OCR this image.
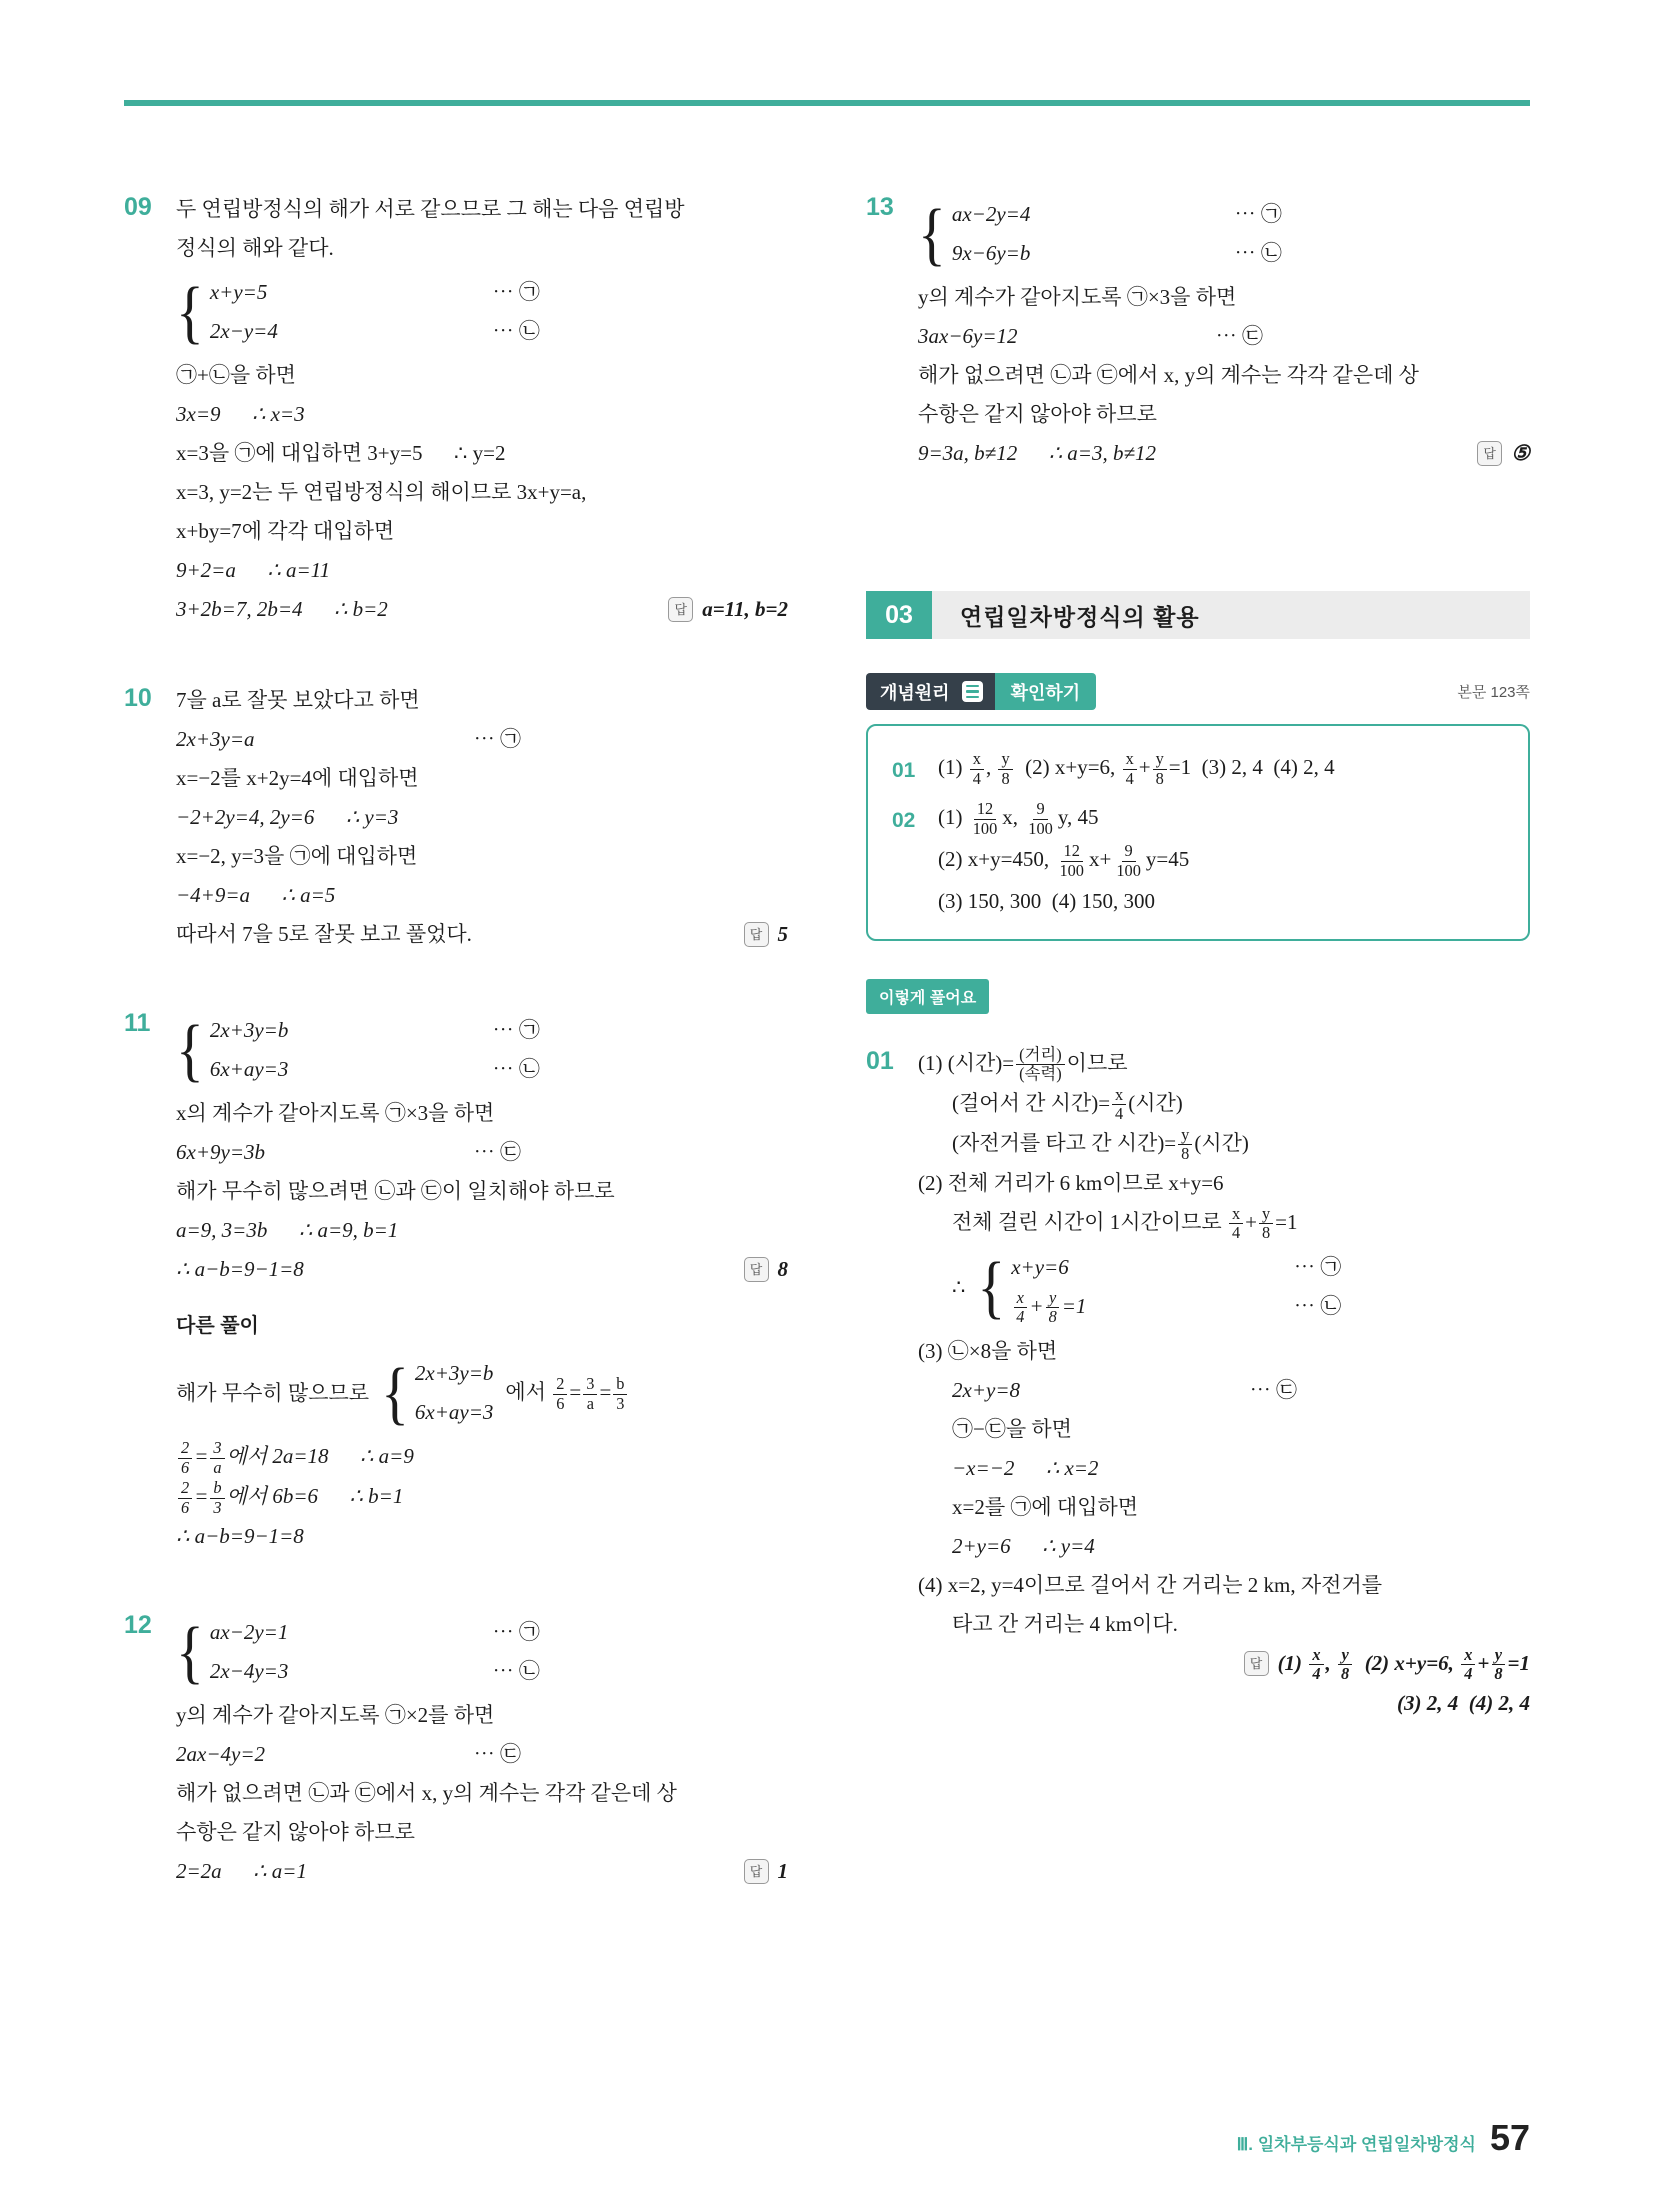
09	두 연립방정식의 해가 서로 같으므로 그 해는 다음 연립방
정식의 해와 같다.
{ x+y=5	⋯ ㉠
2x−y=4	⋯ ㉡
㉠+㉡을 하면
3x=9      ∴ x=3
x=3을 ㉠에 대입하면 3+y=5      ∴ y=2
x=3, y=2는 두 연립방정식의 해이므로 3x+y=a,
x+by=7에 각각 대입하면
9+2=a      ∴ a=11
3+2b=7, 2b=4      ∴ b=2	답 a=11, b=2
10	7을 a로 잘못 보았다고 하면
2x+3y=a	⋯ ㉠
x=−2를 x+2y=4에 대입하면
−2+2y=4, 2y=6      ∴ y=3
x=−2, y=3을 ㉠에 대입하면
−4+9=a      ∴ a=5
따라서 7을 5로 잘못 보고 풀었다.	답 5
11 { 2x+3y=b	⋯ ㉠
6x+ay=3	⋯ ㉡
x의 계수가 같아지도록 ㉠×3을 하면
6x+9y=3b	⋯ ㉢
해가 무수히 많으려면 ㉡과 ㉢이 일치해야 하므로
a=9, 3=3b      ∴ a=9, b=1
∴ a−b=9−1=8	답 8
다른 풀이
해가 무수히 많으므로 { 2x+3y=b
6x+ay=3
에서 $\frac{2}{6} = \frac{3}{a} = \frac{b}{3}$
$\frac{2}{6} = \frac{3}{a}$ 에서 2a=18      ∴ a=9
$\frac{2}{6} = \frac{b}{3}$ 에서 6b=6      ∴ b=1
∴ a−b=9−1=8
12 { ax−2y=1	⋯ ㉠
2x−4y=3	⋯ ㉡
y의 계수가 같아지도록 ㉠×2를 하면
2ax−4y=2	⋯ ㉢
해가 없으려면 ㉡과 ㉢에서 x, y의 계수는 각각 같은데 상
수항은 같지 않아야 하므로
2=2a      ∴ a=1	답 1
13 { ax−2y=4	⋯ ㉠
9x−6y=b	⋯ ㉡
y의 계수가 같아지도록 ㉠×3을 하면
3ax−6y=12	⋯ ㉢
해가 없으려면 ㉡과 ㉢에서 x, y의 계수는 각각 같은데 상
수항은 같지 않아야 하므로
9=3a, b≠12      ∴ a=3, b≠12	답 ⑤
03	연립일차방정식의 활용
개념원리	확인하기	본문 123쪽
01	$(1) \frac{x}{4}$ , $\frac{y}{8} (2)$ x+y=6, $\frac{x}{4} + \frac{y}{8} =1$  (3) 2, 4  (4) 2, 4
02	$(1) \frac{12}{100} x$, $\frac{9}{100} y$, 45
(2) x+y=450, $\frac{12}{100} x+ \frac{9}{100} y=45$
(3) 150, 300  (4) 150, 300
이렇게 풀어요
01	(1) (시간)= $\frac{\text{(거리)}}{\text{(속력)}}$ 이므로
(걸어서 간 시간)= $\frac{x}{4}$ (시간)
(자전거를 타고 간 시간)= $\frac{y}{8}$ (시간)
(2) 전체 거리가 6 km이므로 x+y=6
전체 걸린 시간이 1시간이므로 $\frac{x}{4} + \frac{y}{8} =1$
∴ { x+y=6	⋯ ㉠
$\frac{x}{4} + \frac{y}{8} =1$	⋯ ㉡
(3) ㉡×8을 하면
2x+y=8	⋯ ㉢
㉠−㉢을 하면
−x=−2      ∴ x=2
x=2를 ㉠에 대입하면
2+y=6      ∴ y=4
(4) x=2, y=4이므로 걸어서 간 거리는 2 km, 자전거를
타고 간 거리는 4 km이다.
답 $(1) \frac{x}{4}$ , $\frac{y}{8} (2)$ x+y=6, $\frac{x}{4} + \frac{y}{8} =1$
(3) 2, 4  (4) 2, 4
Ⅲ. 일차부등식과 연립일차방정식 57
